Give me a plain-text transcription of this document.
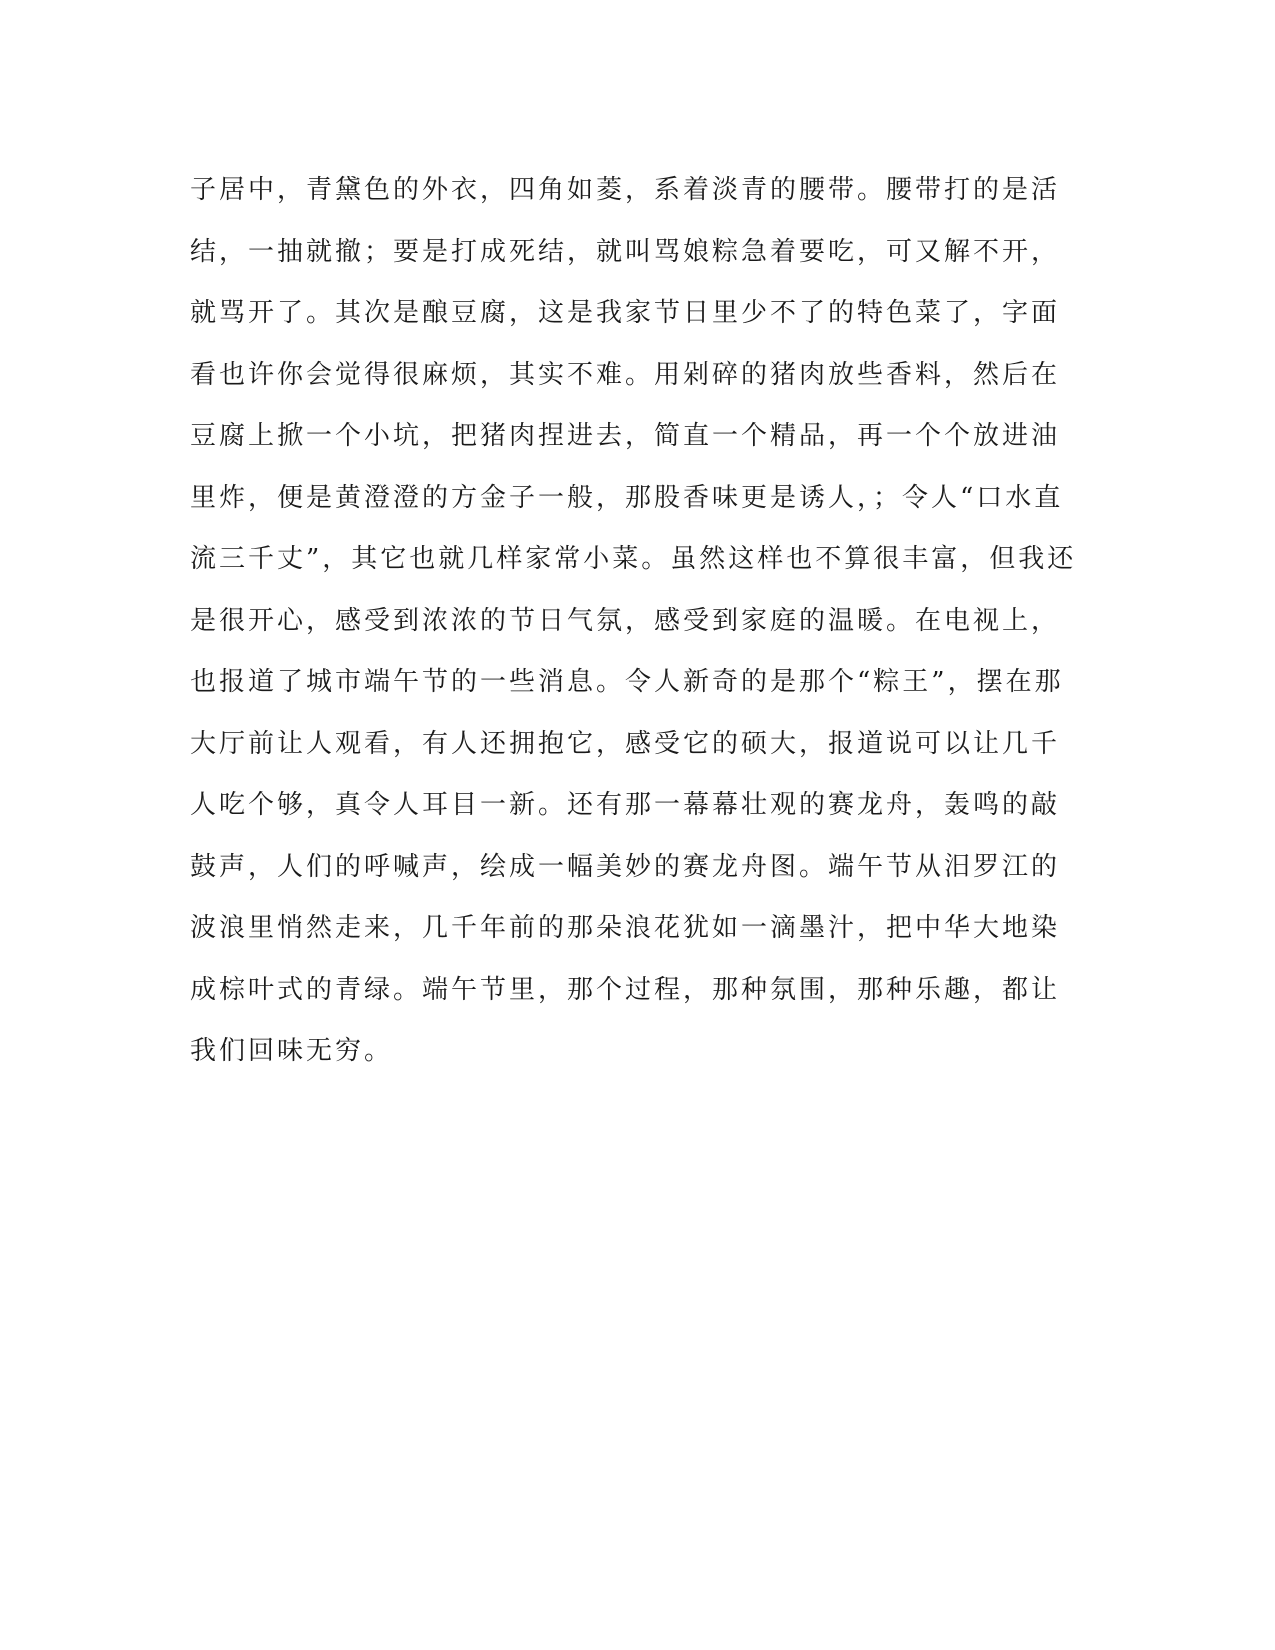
子居中，青黛色的外衣，四角如菱，系着淡青的腰带。腰带打的是活
结，一抽就撤；要是打成死结，就叫骂娘粽急着要吃，可又解不开，
就骂开了。其次是酿豆腐，这是我家节日里少不了的特色菜了，字面
看也许你会觉得很麻烦，其实不难。用剁碎的猪肉放些香料，然后在
豆腐上掀一个小坑，把猪肉捏进去，简直一个精品，再一个个放进油
里炸，便是黄澄澄的方金子一般，那股香味更是诱人，；令人“口水直
流三千丈”，其它也就几样家常小菜。虽然这样也不算很丰富，但我还
是很开心，感受到浓浓的节日气氛，感受到家庭的温暖。在电视上，
也报道了城市端午节的一些消息。令人新奇的是那个“粽王”，摆在那
大厅前让人观看，有人还拥抱它，感受它的硕大，报道说可以让几千
人吃个够，真令人耳目一新。还有那一幕幕壮观的赛龙舟，轰鸣的敲
鼓声，人们的呼喊声，绘成一幅美妙的赛龙舟图。端午节从汨罗江的
波浪里悄然走来，几千年前的那朵浪花犹如一滴墨汁，把中华大地染
成棕叶式的青绿。端午节里，那个过程，那种氛围，那种乐趣，都让
我们回味无穷。
